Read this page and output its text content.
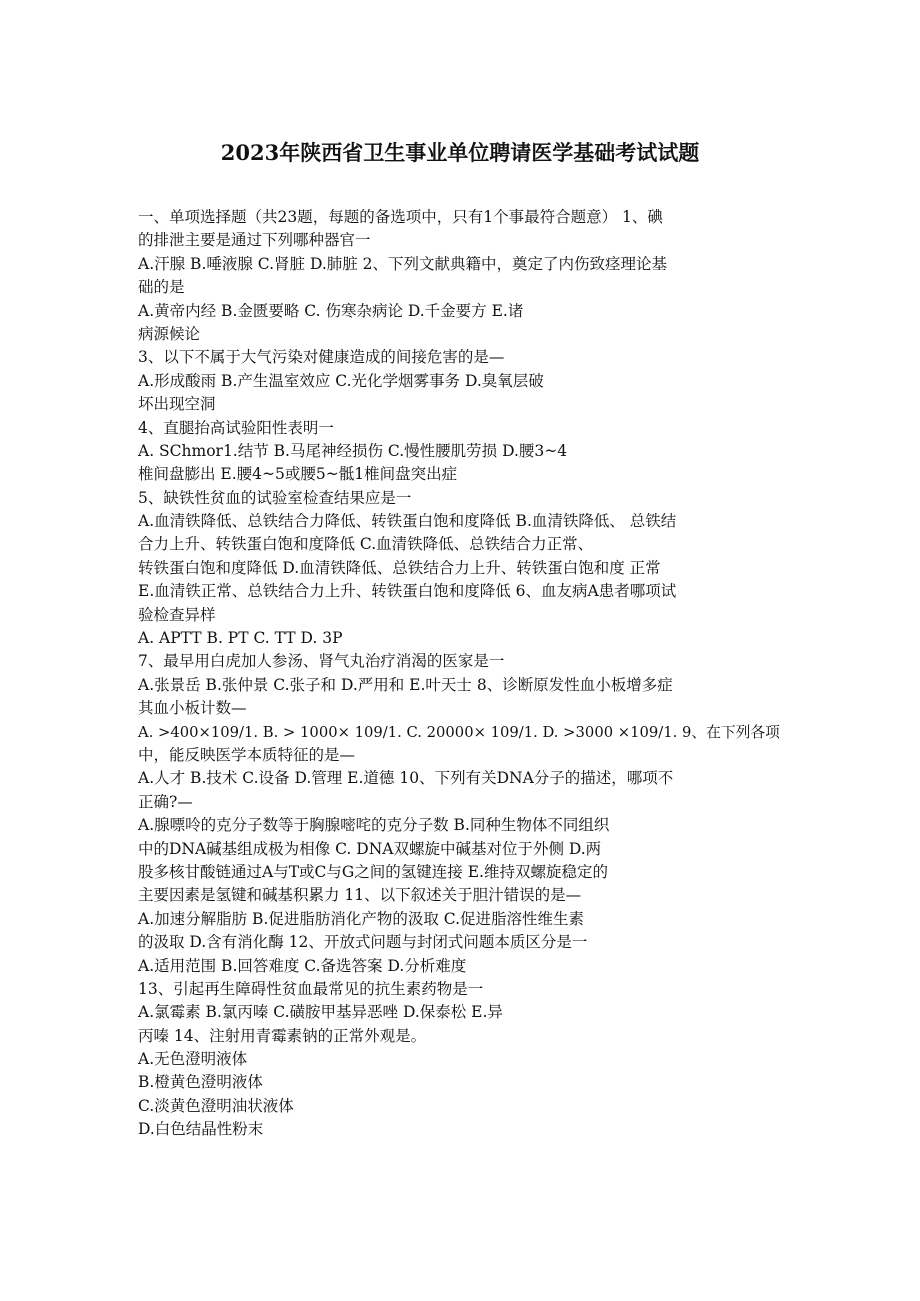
2023年陕西省卫生事业单位聘请医学基础考试试题
一、单项选择题（共23题，每题的备选项中，只有1个事最符合题意） 1、碘
的排泄主要是通过下列哪种器官一
A.汗腺 B.唾液腺 C.肾脏 D.肺脏 2、下列文献典籍中，奠定了内伤致痉理论基
础的是
A.黄帝内经 B.金匮要略 C. 伤寒杂病论 D.千金要方 E.诸
病源候论
3、以下不属于大气污染对健康造成的间接危害的是—
A.形成酸雨 B.产生温室效应 C.光化学烟雾事务 D.臭氧层破
坏出现空洞
4、直腿抬高试验阳性表明一
A. SChmor1.结节 B.马尾神经损伤 C.慢性腰肌劳损 D.腰3~4
椎间盘膨出 E.腰4~5或腰5~骶1椎间盘突出症
5、缺铁性贫血的试验室检查结果应是一
A.血清铁降低、总铁结合力降低、转铁蛋白饱和度降低 B.血清铁降低、 总铁结
合力上升、转铁蛋白饱和度降低 C.血清铁降低、总铁结合力正常、
转铁蛋白饱和度降低 D.血清铁降低、总铁结合力上升、转铁蛋白饱和度 正常
E.血清铁正常、总铁结合力上升、转铁蛋白饱和度降低 6、血友病A患者哪项试
验检查异样
A. APTT B. PT C. TT D. 3P
7、最早用白虎加人参汤、肾气丸治疗消渴的医家是一
A.张景岳 B.张仲景 C.张子和 D.严用和 E.叶天士 8、诊断原发性血小板增多症
其血小板计数—
A. >400×109/1. B. > 1000× 109/1. C. 20000× 109/1. D. >3000 ×109/1. 9、在下列各项
中，能反映医学本质特征的是—
A.人才 B.技术 C.设备 D.管理 E.道德 10、下列有关DNA分子的描述，哪项不
正确?—
A.腺嘌呤的克分子数等于胸腺嘧咤的克分子数 B.同种生物体不同组织
中的DNA碱基组成极为相像 C. DNA双螺旋中碱基对位于外侧 D.两
股多核甘酸链通过A与T或C与G之间的氢键连接 E.维持双螺旋稳定的
主要因素是氢键和碱基积累力 11、以下叙述关于胆汁错误的是—
A.加速分解脂肪 B.促进脂肪消化产物的汲取 C.促进脂溶性维生素
的汲取 D.含有消化酶 12、开放式问题与封闭式问题本质区分是一
A.适用范围 B.回答难度 C.备选答案 D.分析难度
13、引起再生障碍性贫血最常见的抗生素药物是一
A.氯霉素 B.氯丙嗪 C.磺胺甲基异恶唑 D.保泰松 E.异
丙嗪 14、注射用青霉素钠的正常外观是。
A.无色澄明液体
B.橙黄色澄明液体
C.淡黄色澄明油状液体
D.白色结晶性粉末
